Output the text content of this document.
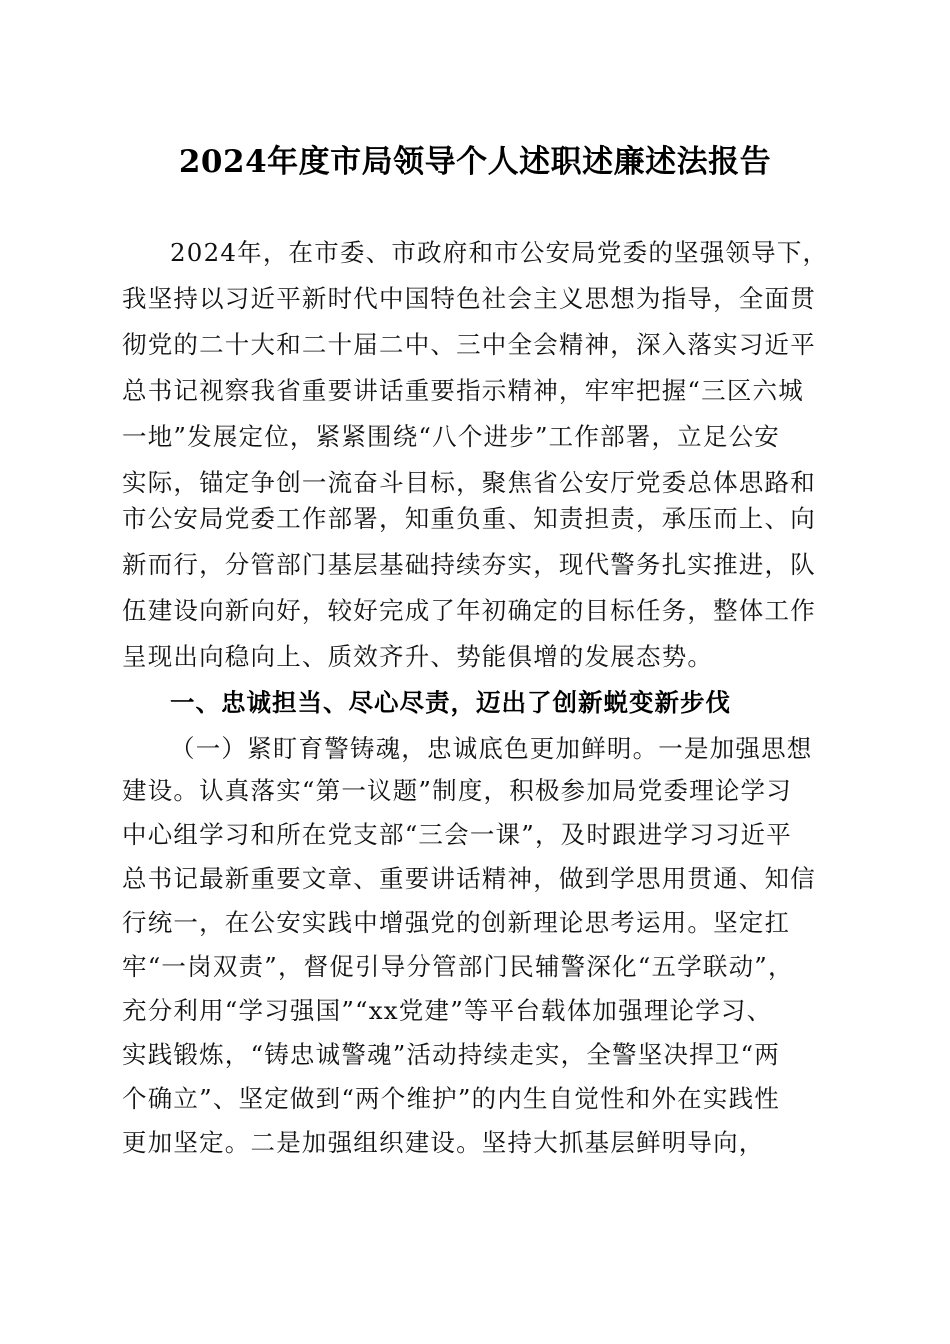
2024年度市局领导个人述职述廉述法报告
2024年，在市委、市政府和市公安局党委的坚强领导下，
我坚持以习近平新时代中国特色社会主义思想为指导，全面贯
彻党的二十大和二十届二中、三中全会精神，深入落实习近平
总书记视察我省重要讲话重要指示精神，牢牢把握“三区六城
一地”发展定位，紧紧围绕“八个进步”工作部署，立足公安
实际，锚定争创一流奋斗目标，聚焦省公安厅党委总体思路和
市公安局党委工作部署，知重负重、知责担责，承压而上、向
新而行，分管部门基层基础持续夯实，现代警务扎实推进，队
伍建设向新向好，较好完成了年初确定的目标任务，整体工作
呈现出向稳向上、质效齐升、势能俱增的发展态势。
一、忠诚担当、尽心尽责，迈出了创新蜕变新步伐
（一）紧盯育警铸魂，忠诚底色更加鲜明。一是加强思想
建设。认真落实“第一议题”制度，积极参加局党委理论学习
中心组学习和所在党支部“三会一课”，及时跟进学习习近平
总书记最新重要文章、重要讲话精神，做到学思用贯通、知信
行统一，在公安实践中增强党的创新理论思考运用。坚定扛
牢“一岗双责”，督促引导分管部门民辅警深化“五学联动”，
充分利用“学习强国”“xx党建”等平台载体加强理论学习、
实践锻炼，“铸忠诚警魂”活动持续走实，全警坚决捍卫“两
个确立”、坚定做到“两个维护”的内生自觉性和外在实践性
更加坚定。二是加强组织建设。坚持大抓基层鲜明导向，
